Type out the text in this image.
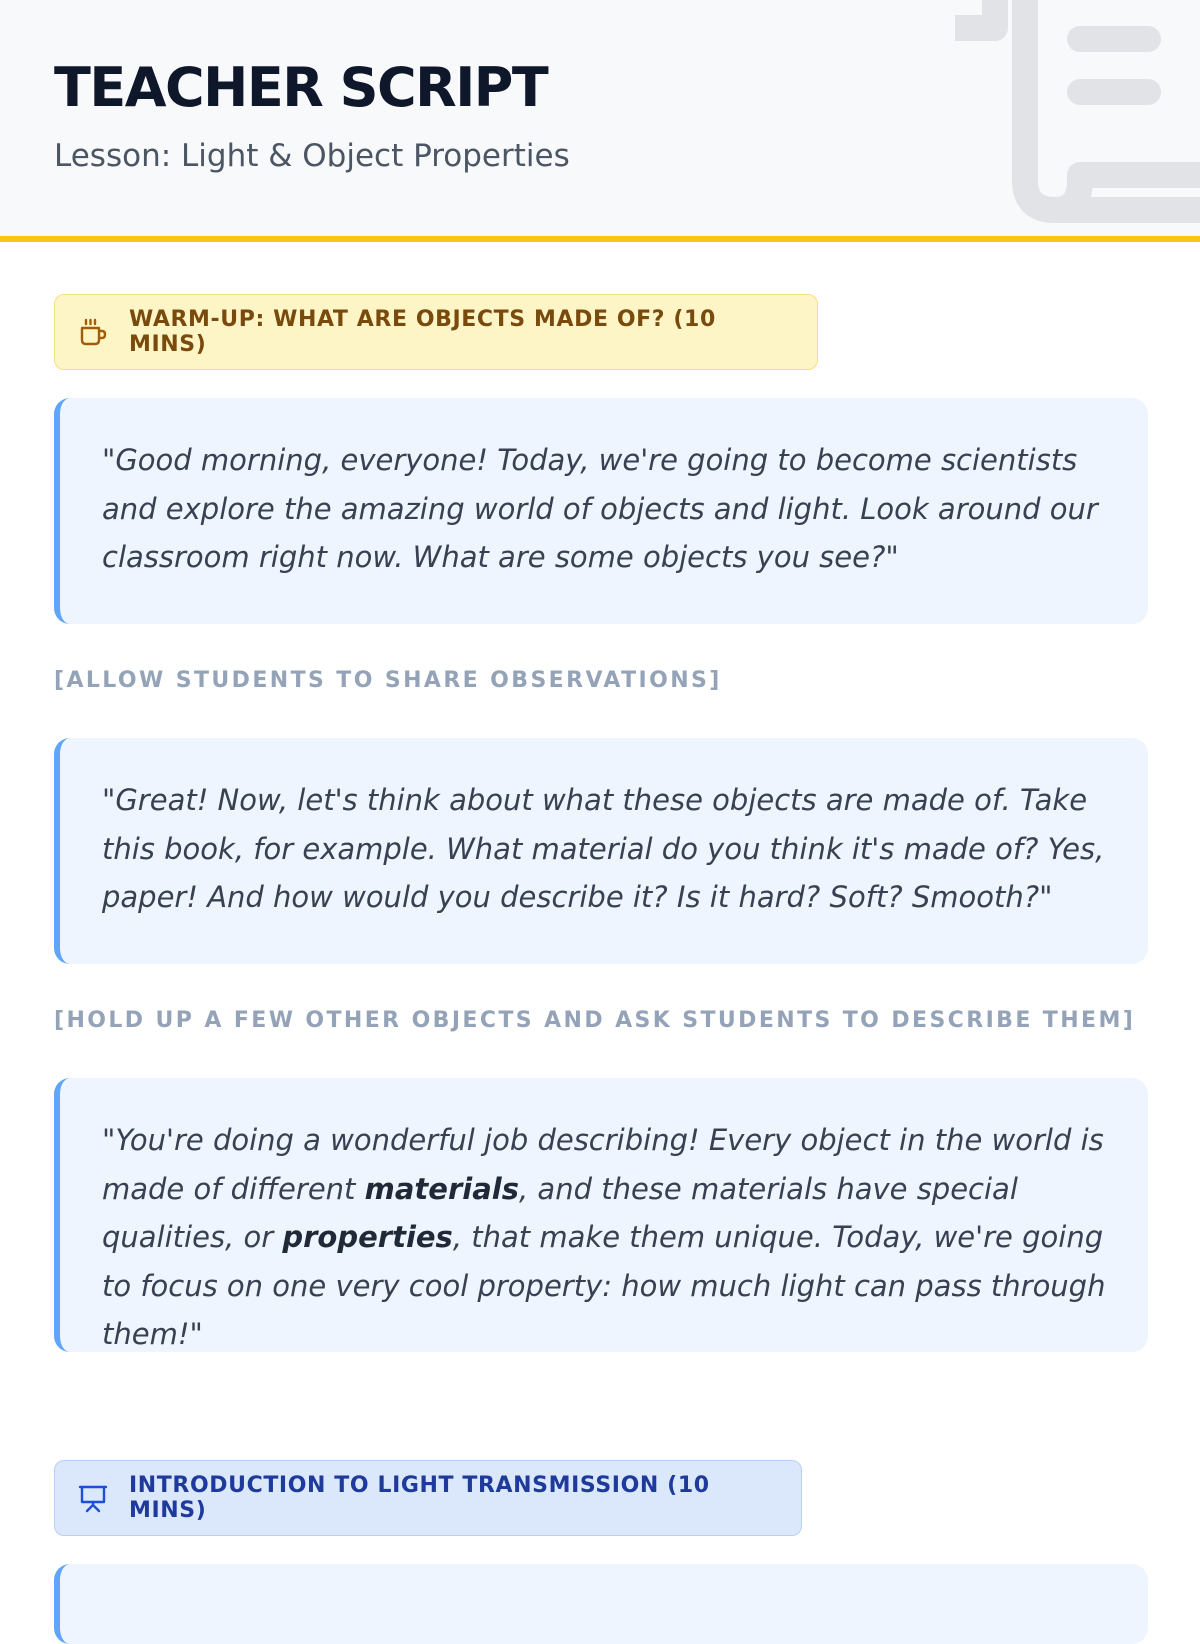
TEACHER SCRIPT

Lesson: Light & Object Properties

WARM-UP: WHAT ARE OBJECTS MADE OF? (10 MINS)
"Good morning, everyone! Today, we're going to become scientists and explore the amazing world of objects and light. Look around our classroom right now. What are some objects you see?"
[ALLOW STUDENTS TO SHARE OBSERVATIONS]
"Great! Now, let's think about what these objects are made of. Take this book, for example. What material do you think it's made of? Yes, paper! And how would you describe it? Is it hard? Soft? Smooth?"
[HOLD UP A FEW OTHER OBJECTS AND ASK STUDENTS TO DESCRIBE THEM]
"You're doing a wonderful job describing! Every object in the world is made of different materials, and these materials have special qualities, or properties, that make them unique. Today, we're going to focus on one very cool property: how much light can pass through them!"
INTRODUCTION TO LIGHT TRANSMISSION (10 MINS)
